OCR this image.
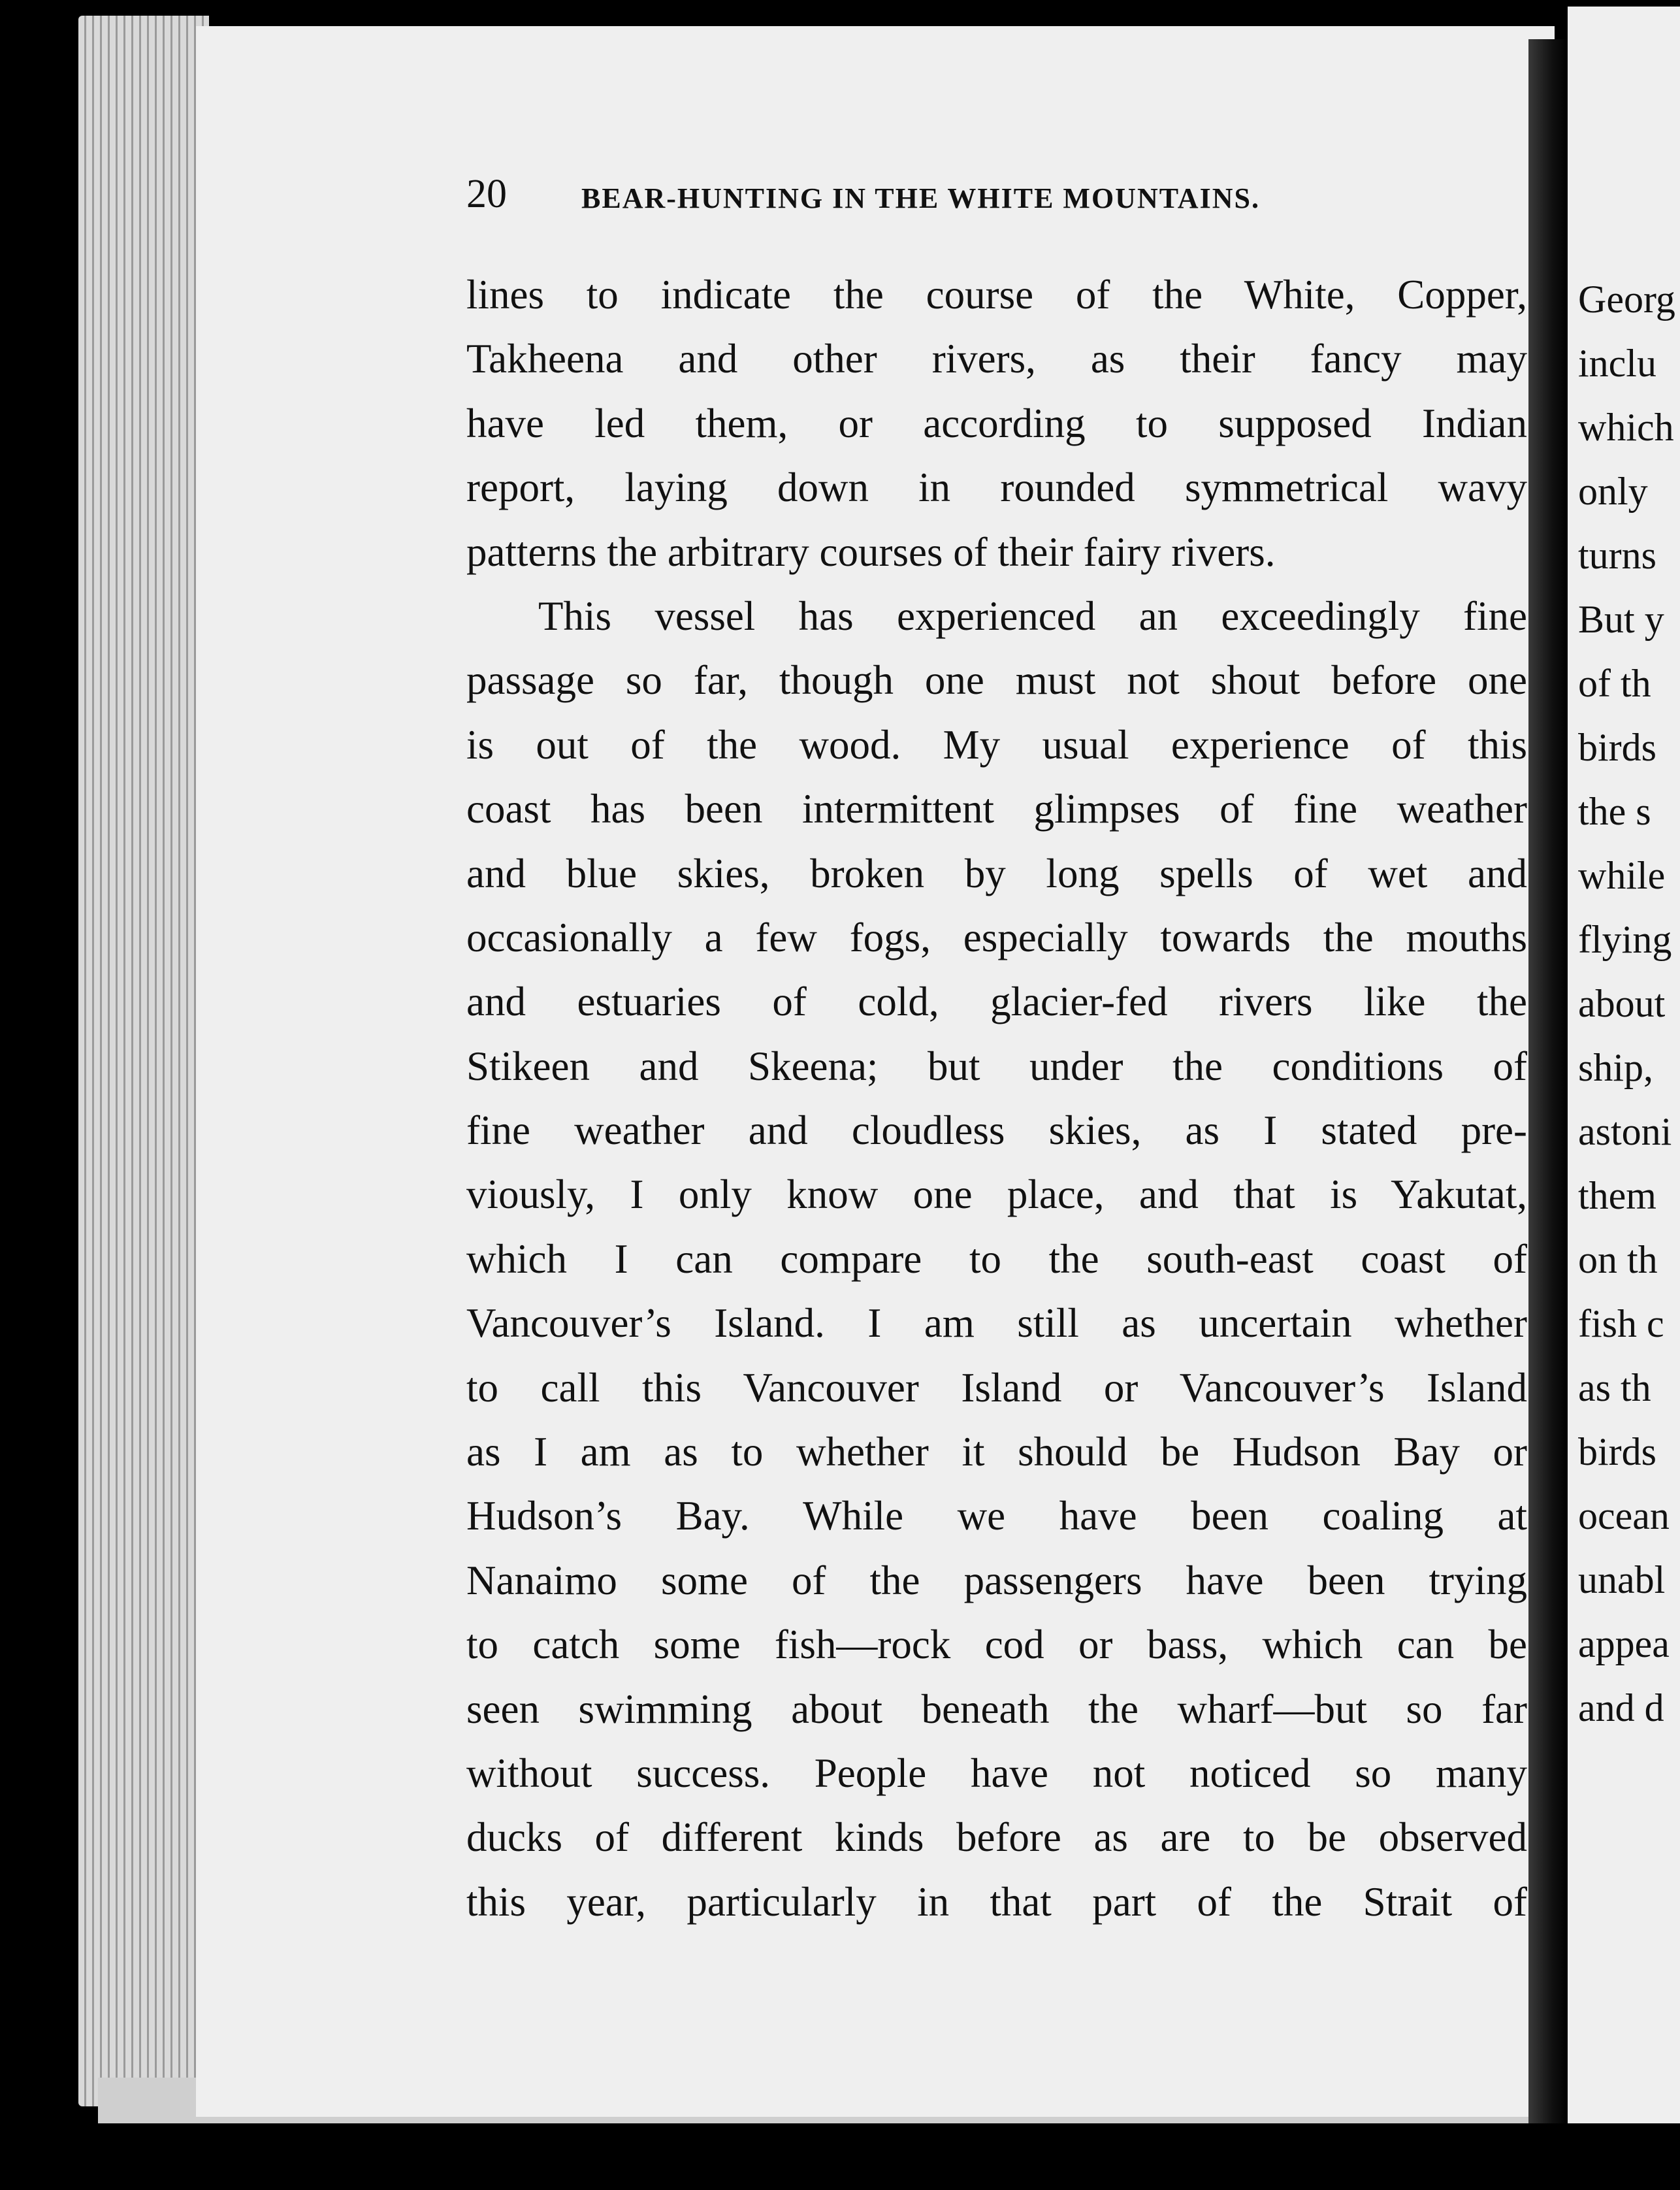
20	BEAR-HUNTING IN THE WHITE MOUNTAINS.
lines to indicate the course of the White, Copper,
Takheena and other rivers, as their fancy may
have led them, or according to supposed Indian
report, laying down in rounded symmetrical wavy
patterns the arbitrary courses of their fairy rivers.
This vessel has experienced an exceedingly fine
passage so far, though one must not shout before one
is out of the wood. My usual experience of this
coast has been intermittent glimpses of fine weather
and blue skies, broken by long spells of wet and
occasionally a few fogs, especially towards the mouths
and estuaries of cold, glacier-fed rivers like the
Stikeen and Skeena; but under the conditions of
fine weather and cloudless skies, as I stated pre-
viously, I only know one place, and that is Yakutat,
which I can compare to the south-east coast of
Vancouver’s Island. I am still as uncertain whether
to call this Vancouver Island or Vancouver’s Island
as I am as to whether it should be Hudson Bay or
Hudson’s Bay. While we have been coaling at
Nanaimo some of the passengers have been trying
to catch some fish—rock cod or bass, which can be
seen swimming about beneath the wharf—but so far
without success. People have not noticed so many
ducks of different kinds before as are to be observed
this year, particularly in that part of the Strait of
Georg
inclu
which
only
turns
But y
of th
birds
the s
while
flying
about
ship,
astoni
them
on th
fish c
as th
birds
ocean
unabl
appea
and d
